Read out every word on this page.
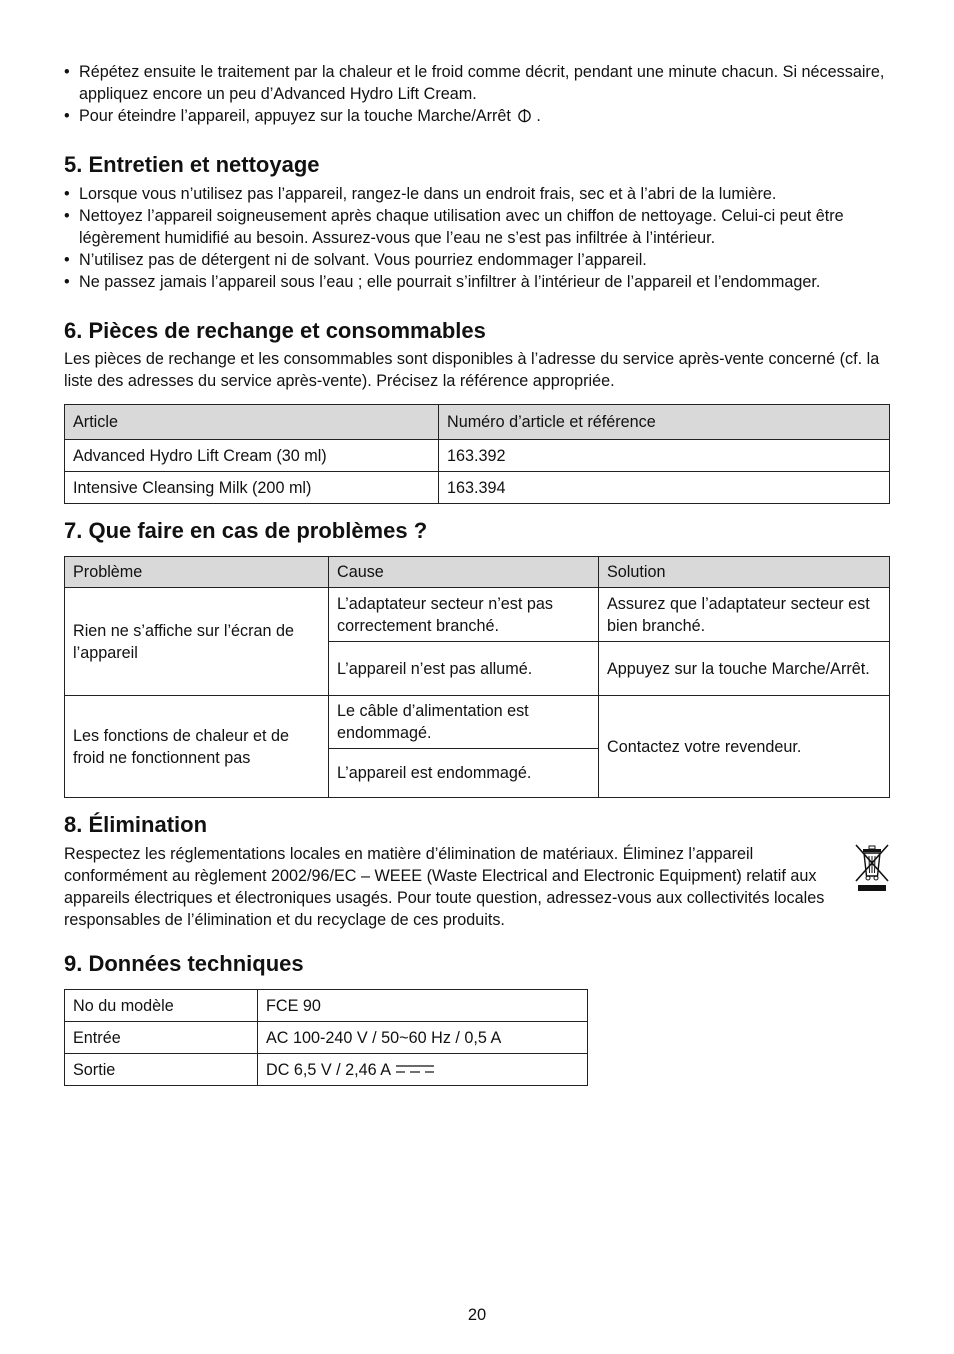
• Répétez ensuite le traitement par la chaleur et le froid comme décrit, pendant une minute chacun. Si nécessaire, appliquez encore un peu d’Advanced Hydro Lift Cream.
• Pour éteindre l’appareil, appuyez sur la touche Marche/Arrêt .
5. Entretien et nettoyage
• Lorsque vous n’utilisez pas l’appareil, rangez-le dans un endroit frais, sec et à l’abri de la lumière.
• Nettoyez l’appareil soigneusement après chaque utilisation avec un chiffon de nettoyage. Celui-ci peut être légèrement humidifié au besoin. Assurez-vous que l’eau ne s’est pas infiltrée à l’intérieur.
• N’utilisez pas de détergent ni de solvant. Vous pourriez endommager l’appareil.
• Ne passez jamais l’appareil sous l’eau ; elle pourrait s’infiltrer à l’intérieur de l’appareil et l’endommager.
6. Pièces de rechange et consommables

Les pièces de rechange et les consommables sont disponibles à l’adresse du service après-vente concerné (cf. la liste des adresses du service après-vente). Précisez la référence appropriée.

Article	Numéro d’article et référence
Advanced Hydro Lift Cream (30 ml)	163.392
Intensive Cleansing Milk (200 ml)	163.394
7. Que faire en cas de problèmes ?
Problème	Cause	Solution
Rien ne s’affiche sur l’écran de l’appareil	L’adaptateur secteur n’est pas correctement branché.	Assurez que l’adaptateur secteur est bien branché.
	L’appareil n’est pas allumé.	Appuyez sur la touche Marche/Arrêt.
Les fonctions de chaleur et de froid ne fonctionnent pas	Le câble d’alimentation est endommagé.	Contactez votre revendeur.
	L’appareil est endommagé.	
8. Élimination

Respectez les réglementations locales en matière d’élimination de matériaux. Éliminez l’appareil conformément au règlement 2002/96/EC – WEEE (Waste Electrical and Electronic Equipment) relatif aux appareils électriques et électroniques usagés. Pour toute question, adressez-vous aux collectivités locales responsables de l’élimination et du recyclage de ces produits.

9. Données techniques
No du modèle	FCE 90
Entrée	AC 100-240 V / 50~60 Hz / 0,5 A
Sortie	DC 6,5 V / 2,46 A
20
